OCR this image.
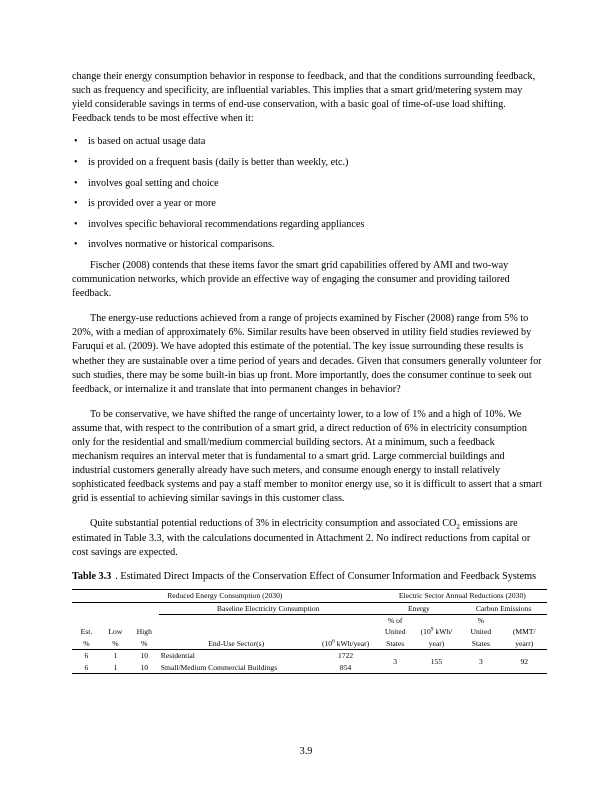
change their energy consumption behavior in response to feedback, and that the conditions surrounding feedback, such as frequency and specificity, are influential variables. This implies that a smart grid/metering system may yield considerable savings in terms of end-use conservation, with a basic goal of time-of-use load shifting. Feedback tends to be most effective when it:

• is based on actual usage data
• is provided on a frequent basis (daily is better than weekly, etc.)
• involves goal setting and choice
• is provided over a year or more
• involves specific behavioral recommendations regarding appliances
• involves normative or historical comparisons.

Fischer (2008) contends that these items favor the smart grid capabilities offered by AMI and two-way communication networks, which provide an effective way of engaging the consumer and providing tailored feedback.

The energy-use reductions achieved from a range of projects examined by Fischer (2008) range from 5% to 20%, with a median of approximately 6%. Similar results have been observed in utility field studies reviewed by Faruqui et al. (2009). We have adopted this estimate of the potential. The key issue surrounding these results is whether they are sustainable over a time period of years and decades. Given that consumers generally volunteer for such studies, there may be some built-in bias up front. More importantly, does the consumer continue to seek out feedback, or internalize it and translate that into permanent changes in behavior?

To be conservative, we have shifted the range of uncertainty lower, to a low of 1% and a high of 10%. We assume that, with respect to the contribution of a smart grid, a direct reduction of 6% in electricity consumption only for the residential and small/medium commercial building sectors. At a minimum, such a feedback mechanism requires an interval meter that is fundamental to a smart grid. Large commercial buildings and industrial customers generally already have such meters, and consume enough energy to install relatively sophisticated feedback systems and pay a staff member to monitor energy use, so it is difficult to assert that a smart grid is essential to achieving similar savings in this customer class.

Quite substantial potential reductions of 3% in electricity consumption and associated $CO_2$ emissions are estimated in Table 3.3, with the calculations documented in Attachment 2. No indirect reductions from capital or cost savings are expected.

Table 3.3 . Estimated Direct Impacts of the Conservation Effect of Consumer Information and Feedback Systems
Reduced Energy Consumption (2030)					Electric Sector Annual Reductions (2030)			
			Baseline Electricity Consumption		Energy		Carbon Emissions	
					% of		%	
Est.	Low	High			United	($10^9$ kWh/	United	(MMT/
%	%	%	End-Use Sector(s)	($10^6$ kWh/year)	States	year)	States	yearr)
6	1	10	Residential	1722	3	155	3	92
6	1	10	Small/Medium Commercial Buildings	854				
3.9
